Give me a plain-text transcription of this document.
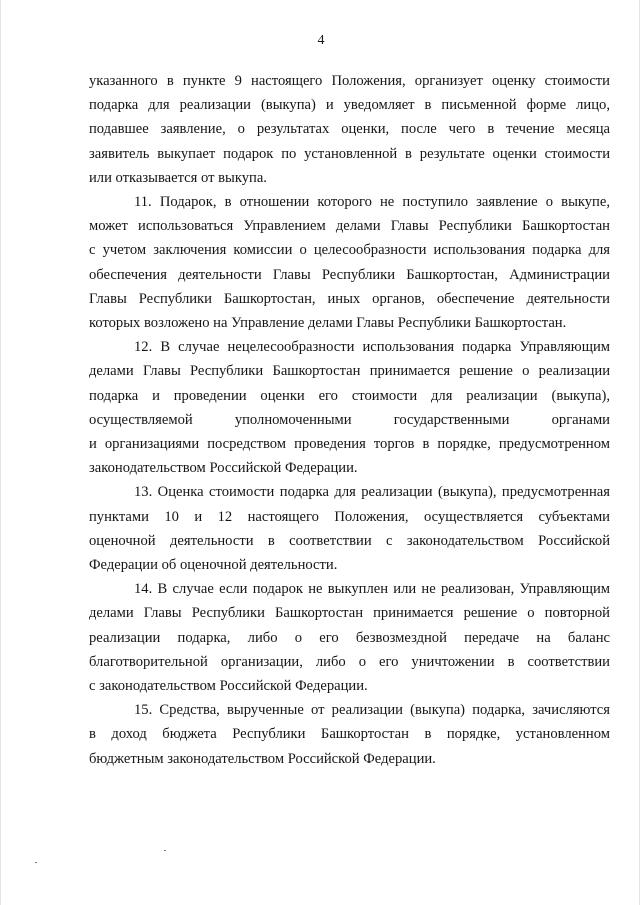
4
указанного в пункте 9 настоящего Положения, организует оценку стоимости
подарка для реализации (выкупа) и уведомляет в письменной форме лицо,
подавшее заявление, о результатах оценки, после чего в течение месяца
заявитель выкупает подарок по установленной в результате оценки стоимости
или отказывается от выкупа.
11. Подарок, в отношении которого не поступило заявление о выкупе,
может использоваться Управлением делами Главы Республики Башкортостан
с учетом заключения комиссии о целесообразности использования подарка для
обеспечения деятельности Главы Республики Башкортостан, Администрации
Главы Республики Башкортостан, иных органов, обеспечение деятельности
которых возложено на Управление делами Главы Республики Башкортостан.
12. В случае нецелесообразности использования подарка Управляющим
делами Главы Республики Башкортостан принимается решение о реализации
подарка и проведении оценки его стоимости для реализации (выкупа),
осуществляемой уполномоченными государственными органами
и организациями посредством проведения торгов в порядке, предусмотренном
законодательством Российской Федерации.
13. Оценка стоимости подарка для реализации (выкупа), предусмотренная
пунктами 10 и 12 настоящего Положения, осуществляется субъектами
оценочной деятельности в соответствии с законодательством Российской
Федерации об оценочной деятельности.
14. В случае если подарок не выкуплен или не реализован, Управляющим
делами Главы Республики Башкортостан принимается решение о повторной
реализации подарка, либо о его безвозмездной передаче на баланс
благотворительной организации, либо о его уничтожении в соответствии
с законодательством Российской Федерации.
15. Средства, вырученные от реализации (выкупа) подарка, зачисляются
в доход бюджета Республики Башкортостан в порядке, установленном
бюджетным законодательством Российской Федерации.
